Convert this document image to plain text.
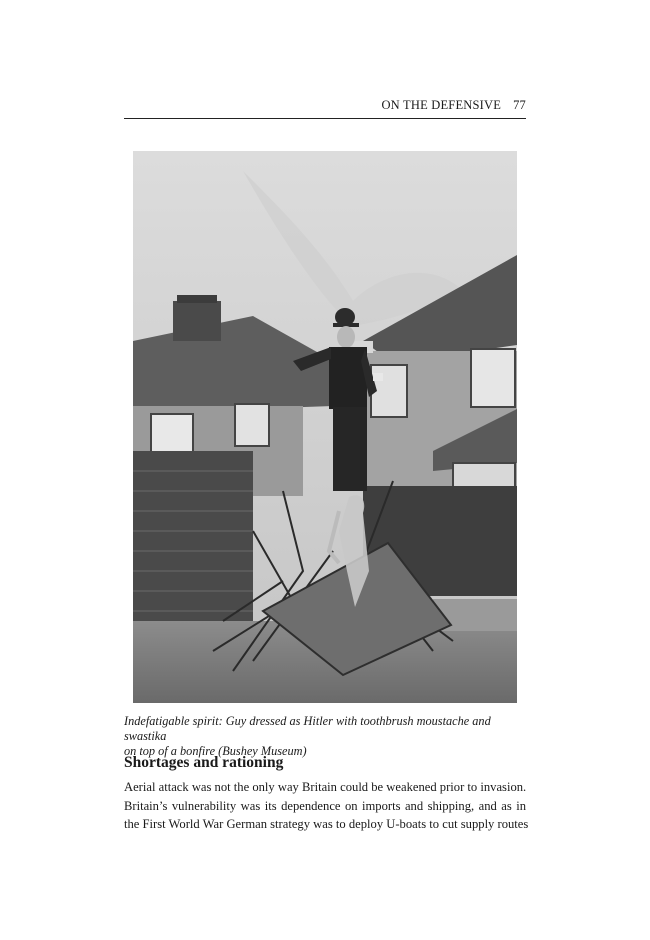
ON THE DEFENSIVE 77
Indefatigable spirit: Guy dressed as Hitler with toothbrush moustache and swastika
on top of a bonfire (Bushey Museum)
Shortages and rationing
Aerial attack was not the only way Britain could be weakened prior to invasion.
Britain’s vulnerability was its dependence on imports and shipping, and as in
the First World War German strategy was to deploy U-boats to cut supply routes
